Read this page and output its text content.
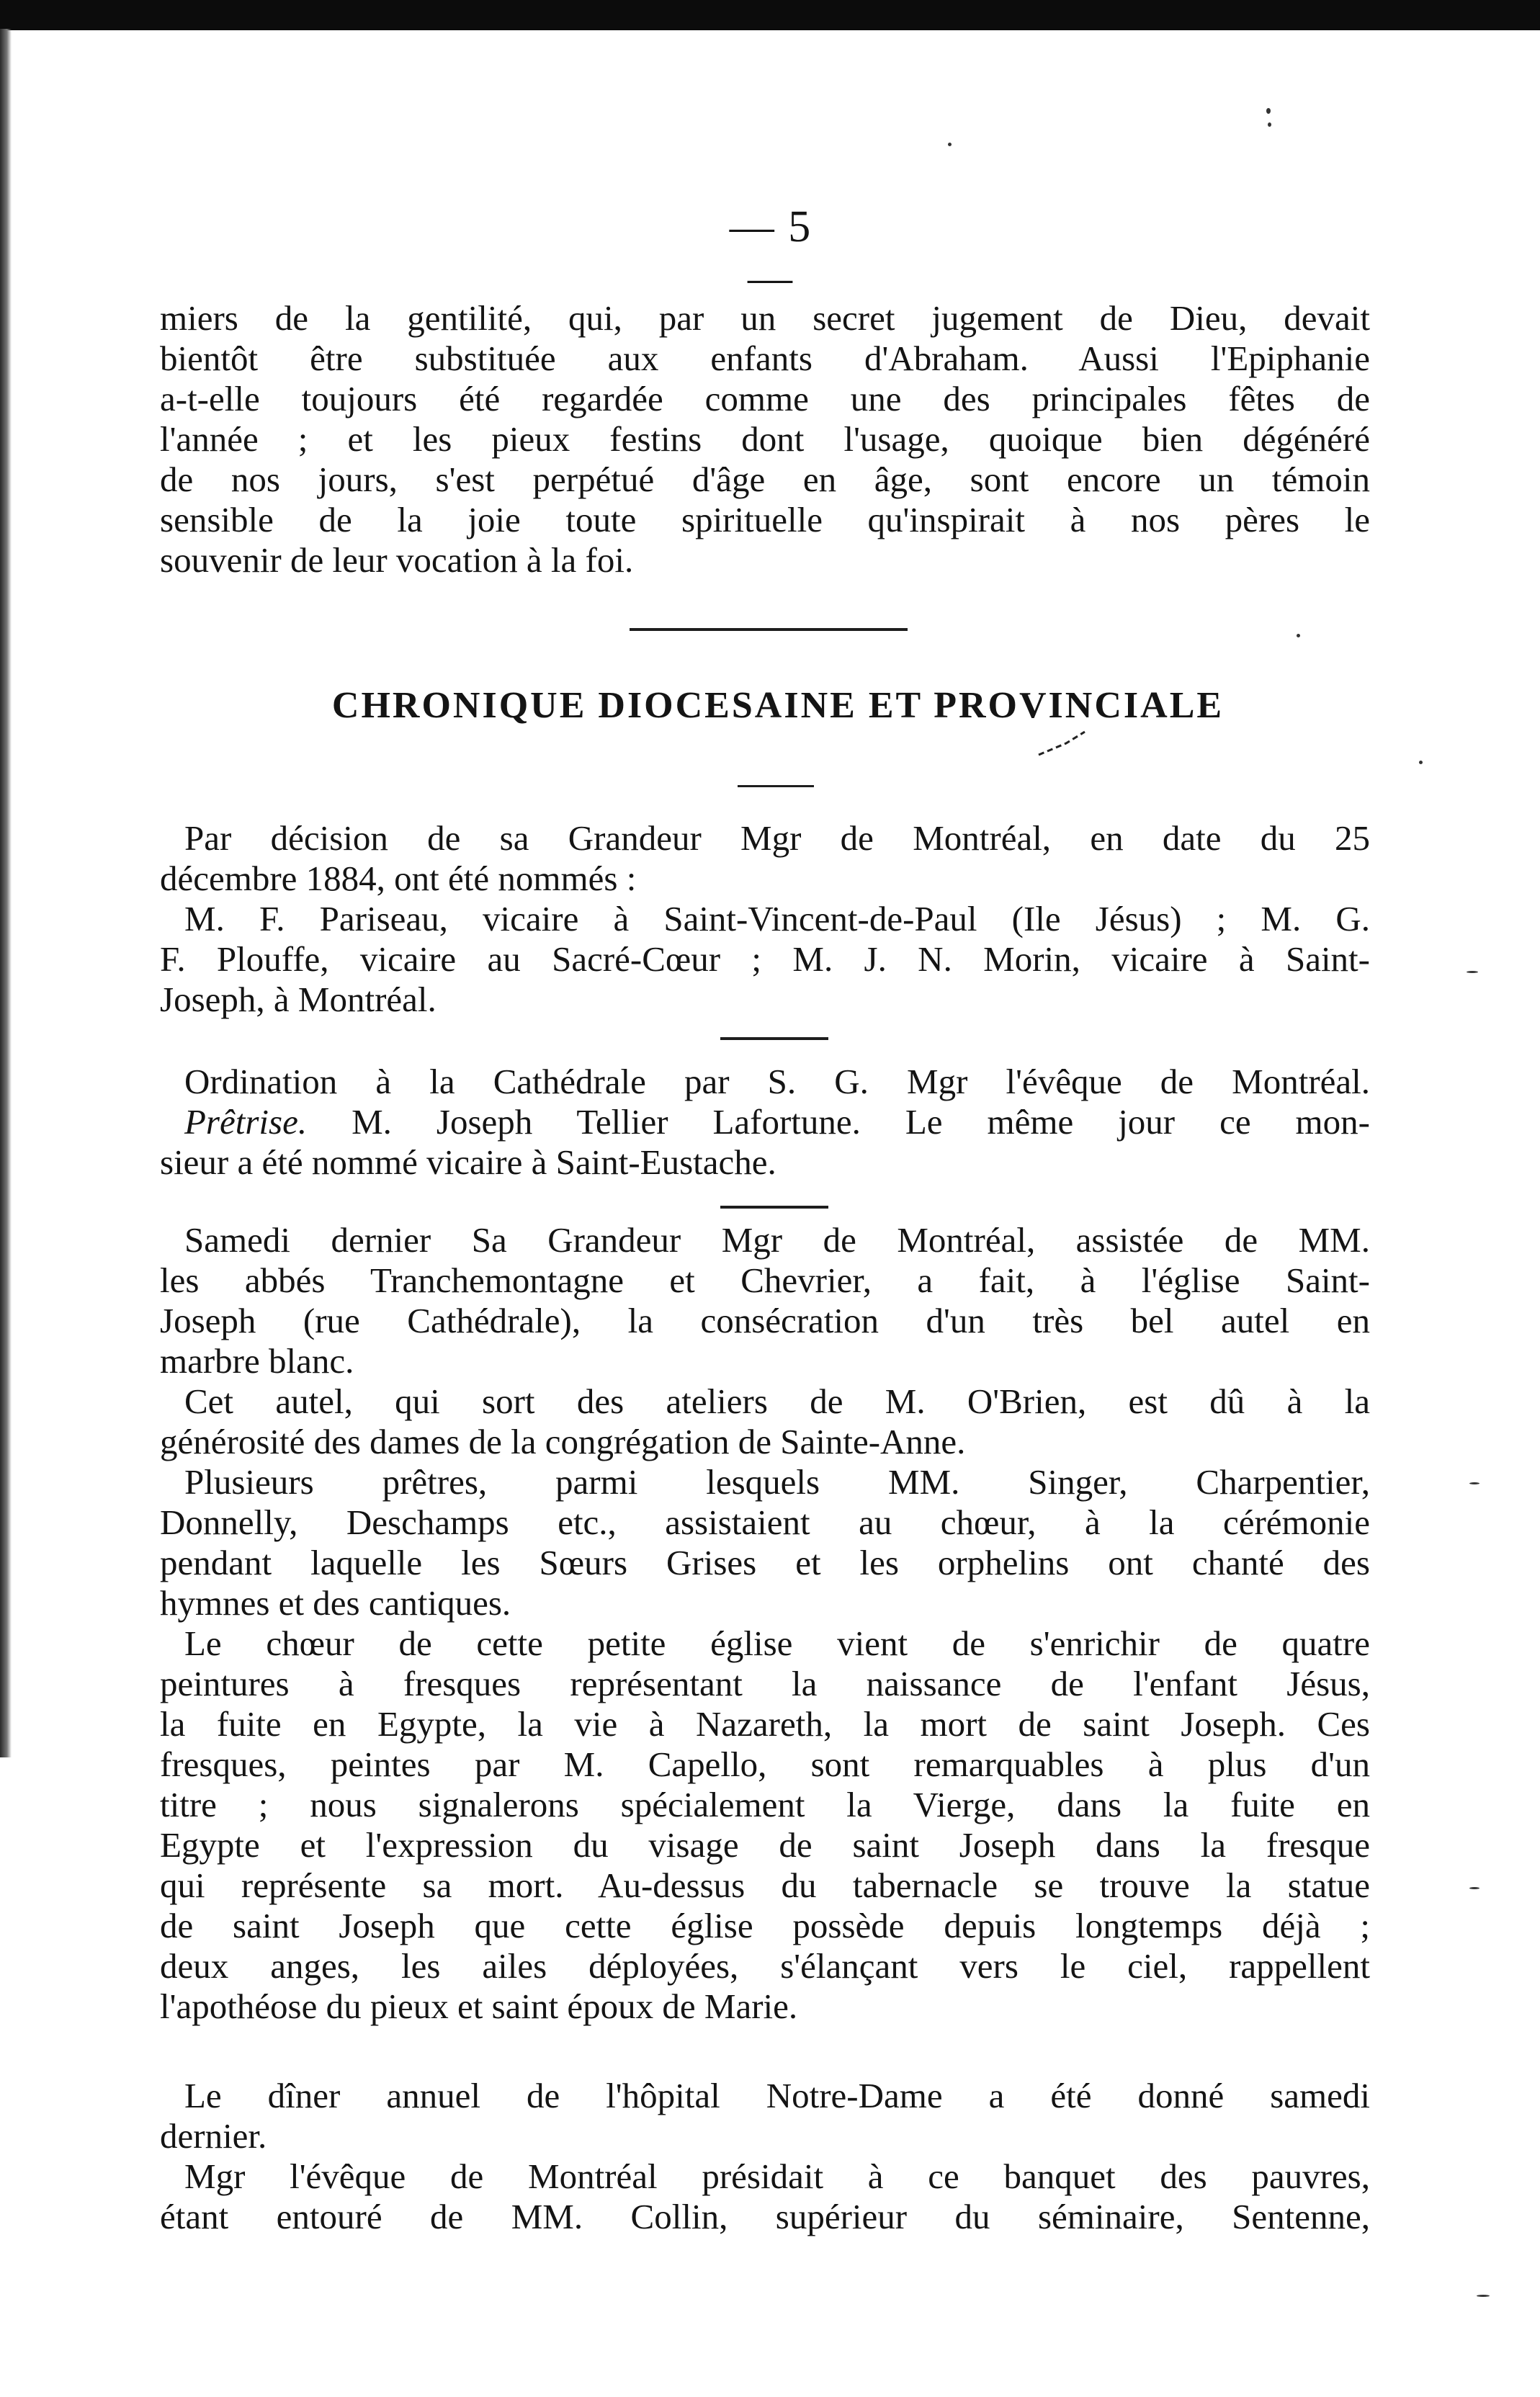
— 5 —
miers de la gentilité, qui, par un secret jugement de Dieu, devait
bientôt être substituée aux enfants d'Abraham. Aussi l'Epiphanie
a-t-elle toujours été regardée comme une des principales fêtes de
l'année ; et les pieux festins dont l'usage, quoique bien dégénéré
de nos jours, s'est perpétué d'âge en âge, sont encore un témoin
sensible de la joie toute spirituelle qu'inspirait à nos pères le
souvenir de leur vocation à la foi.
CHRONIQUE DIOCESAINE ET PROVINCIALE
Par décision de sa Grandeur Mgr de Montréal, en date du 25
décembre 1884, ont été nommés :
M. F. Pariseau, vicaire à Saint-Vincent-de-Paul (Ile Jésus) ; M. G.
F. Plouffe, vicaire au Sacré-Cœur ; M. J. N. Morin, vicaire à Saint-
Joseph, à Montréal.
Ordination à la Cathédrale par S. G. Mgr l'évêque de Montréal.
Prêtrise. M. Joseph Tellier Lafortune. Le même jour ce mon-
sieur a été nommé vicaire à Saint-Eustache.
Samedi dernier Sa Grandeur Mgr de Montréal, assistée de MM.
les abbés Tranchemontagne et Chevrier, a fait, à l'église Saint-
Joseph (rue Cathédrale), la consécration d'un très bel autel en
marbre blanc.
Cet autel, qui sort des ateliers de M. O'Brien, est dû à la
générosité des dames de la congrégation de Sainte-Anne.
Plusieurs prêtres, parmi lesquels MM. Singer, Charpentier,
Donnelly, Deschamps etc., assistaient au chœur, à la cérémonie
pendant laquelle les Sœurs Grises et les orphelins ont chanté des
hymnes et des cantiques.
Le chœur de cette petite église vient de s'enrichir de quatre
peintures à fresques représentant la naissance de l'enfant Jésus,
la fuite en Egypte, la vie à Nazareth, la mort de saint Joseph. Ces
fresques, peintes par M. Capello, sont remarquables à plus d'un
titre ; nous signalerons spécialement la Vierge, dans la fuite en
Egypte et l'expression du visage de saint Joseph dans la fresque
qui représente sa mort. Au-dessus du tabernacle se trouve la statue
de saint Joseph que cette église possède depuis longtemps déjà ;
deux anges, les ailes déployées, s'élançant vers le ciel, rappellent
l'apothéose du pieux et saint époux de Marie.
Le dîner annuel de l'hôpital Notre-Dame a été donné samedi
dernier.
Mgr l'évêque de Montréal présidait à ce banquet des pauvres,
étant entouré de MM. Collin, supérieur du séminaire, Sentenne,
